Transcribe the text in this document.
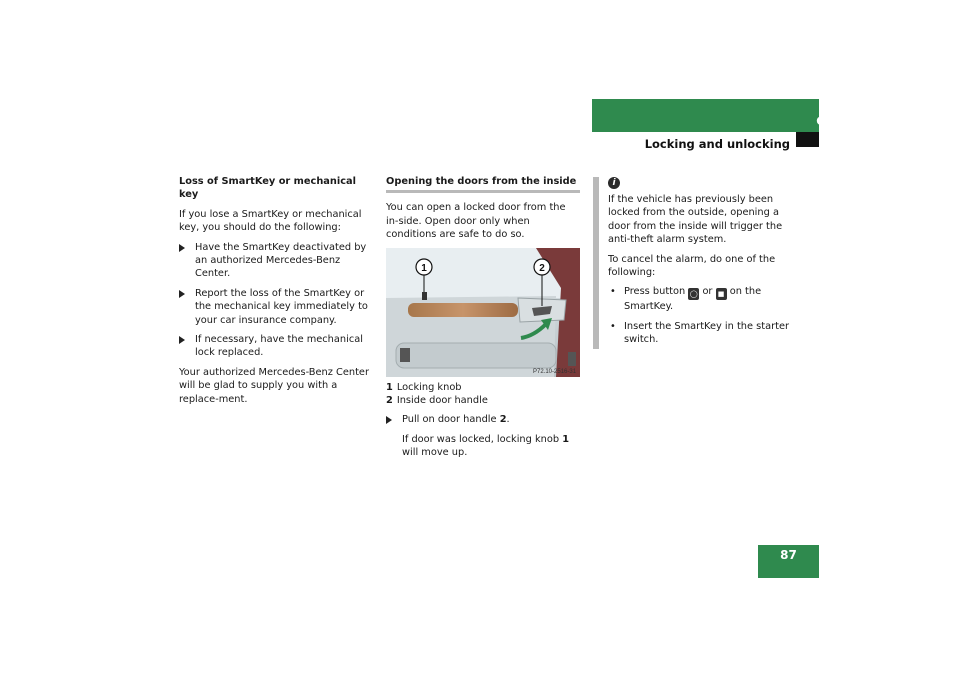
Controls in detail
Locking and unlocking

Loss of SmartKey or mechanical key

If you lose a SmartKey or mechanical key, you should do the following:

Have the SmartKey deactivated by an authorized Mercedes-Benz Center.
Report the loss of the SmartKey or the mechanical key immediately to your car insurance company.
If necessary, have the mechanical lock replaced.

Your authorized Mercedes-Benz Center will be glad to supply you with a replace-ment.

Opening the doors from the inside

You can open a locked door from the in-side. Open door only when conditions are safe to do so.

1	2
P72.10-2516-31
1 Locking knob
2 Inside door handle
Pull on door handle 2.

If door was locked, locking knob 1 will move up.

i

If the vehicle has previously been locked from the outside, opening a door from the inside will trigger the anti-theft alarm system.

To cancel the alarm, do one of the following:

• Press button ◯ or ■ on the SmartKey.
• Insert the SmartKey in the starter switch.
87
